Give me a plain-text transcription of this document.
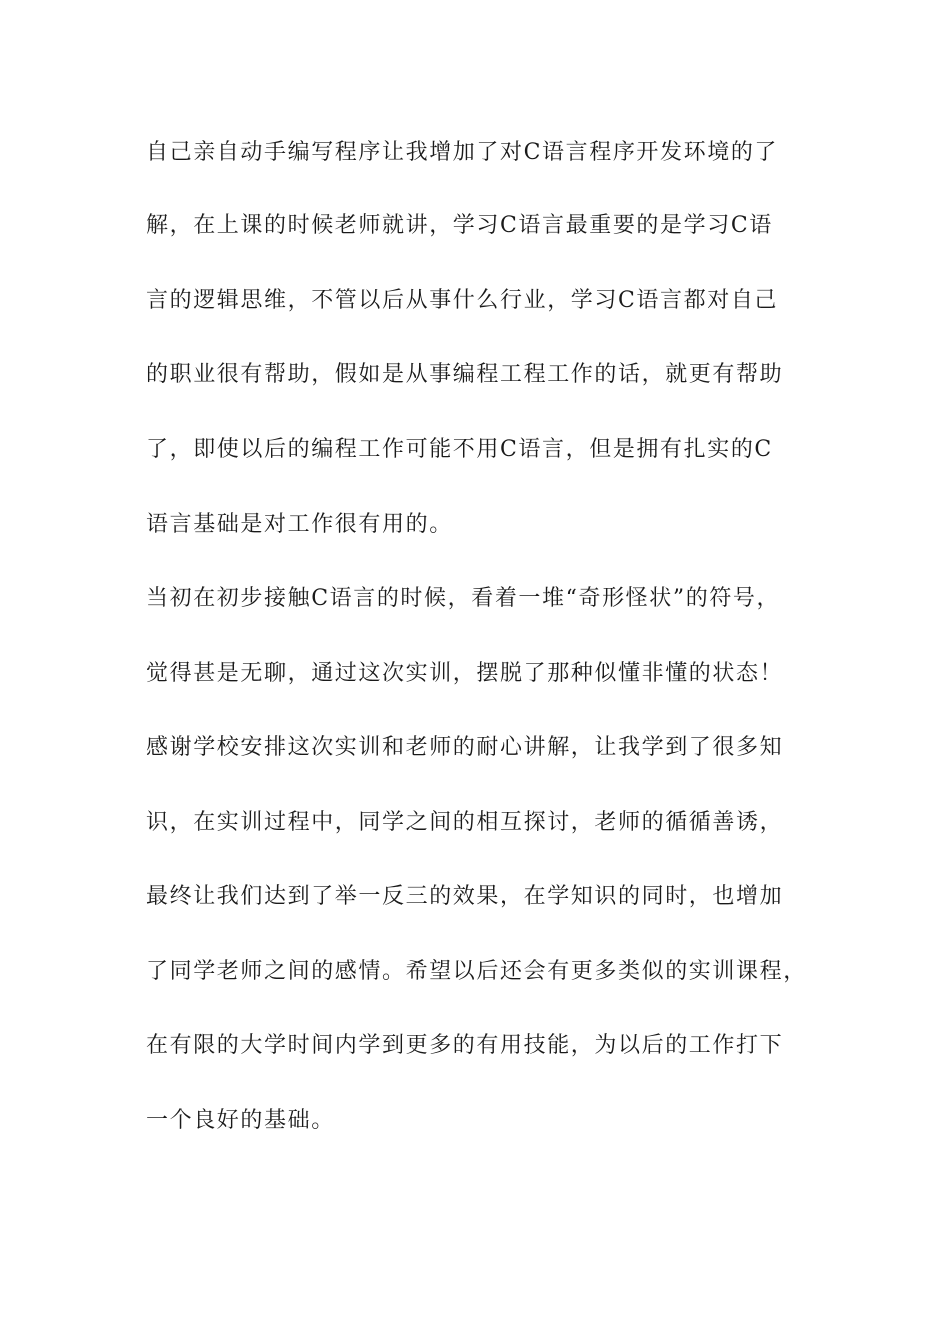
自己亲自动手编写程序让我增加了对C语言程序开发环境的了
解，在上课的时候老师就讲，学习C语言最重要的是学习C语
言的逻辑思维，不管以后从事什么行业，学习C语言都对自己
的职业很有帮助，假如是从事编程工程工作的话，就更有帮助
了，即使以后的编程工作可能不用C语言，但是拥有扎实的C
语言基础是对工作很有用的。
当初在初步接触C语言的时候，看着一堆“奇形怪状”的符号，
觉得甚是无聊，通过这次实训，摆脱了那种似懂非懂的状态！
感谢学校安排这次实训和老师的耐心讲解，让我学到了很多知
识，在实训过程中，同学之间的相互探讨，老师的循循善诱，
最终让我们达到了举一反三的效果，在学知识的同时，也增加
了同学老师之间的感情。希望以后还会有更多类似的实训课程，
在有限的大学时间内学到更多的有用技能，为以后的工作打下
一个良好的基础。
